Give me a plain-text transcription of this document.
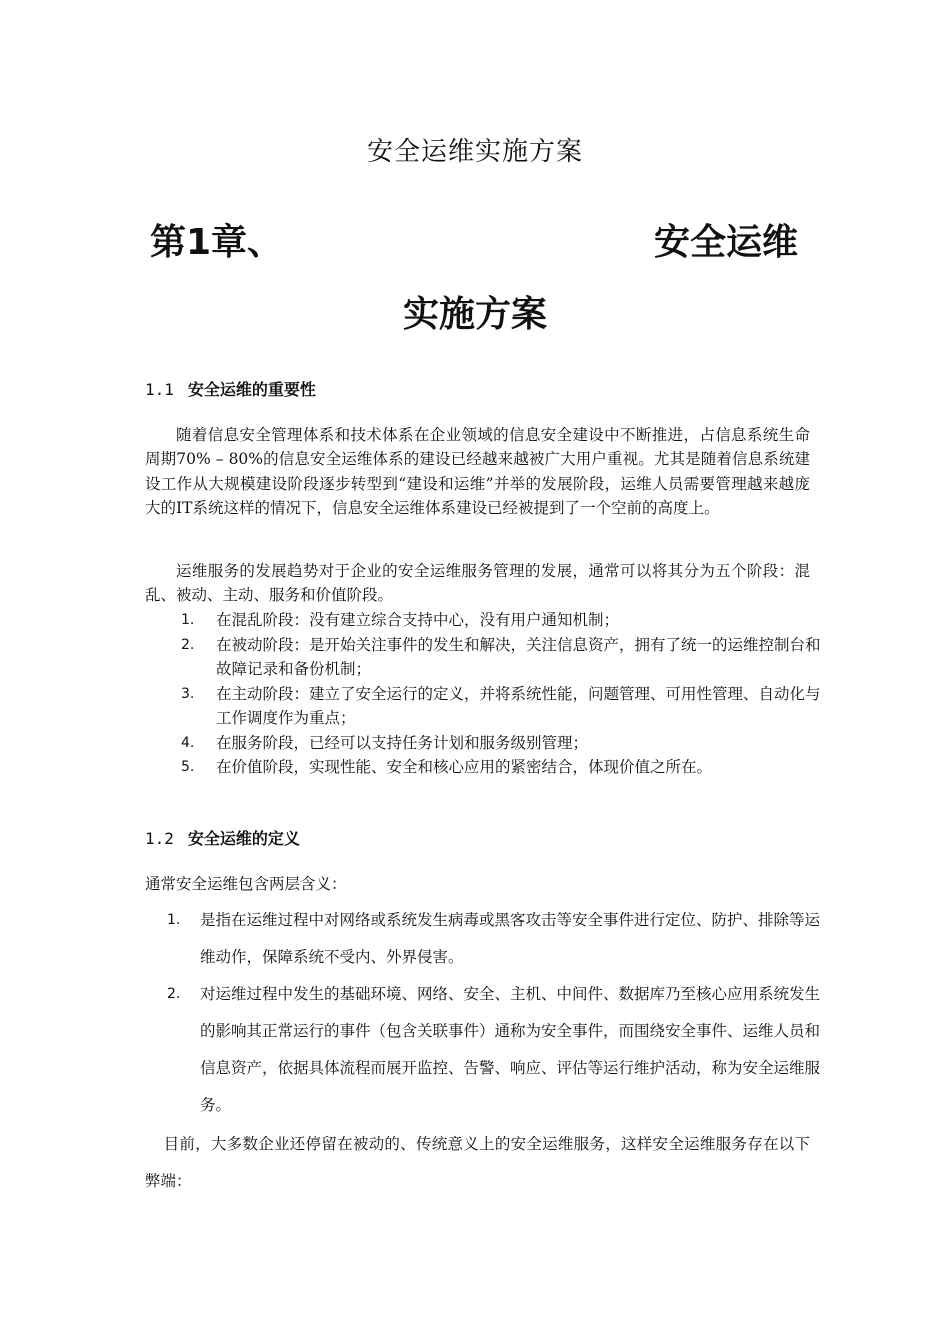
安全运维实施方案
第1章、	安全运维
实施方案
1.1 安全运维的重要性
随着信息安全管理体系和技术体系在企业领域的信息安全建设中不断推进，占信息系统生命周期70% – 80%的信息安全运维体系的建设已经越来越被广大用户重视。尤其是随着信息系统建设工作从大规模建设阶段逐步转型到“建设和运维”并举的发展阶段，运维人员需要管理越来越庞大的IT系统这样的情况下，信息安全运维体系建设已经被提到了一个空前的高度上。
运维服务的发展趋势对于企业的安全运维服务管理的发展，通常可以将其分为五个阶段：混乱、被动、主动、服务和价值阶段。
1. 在混乱阶段：没有建立综合支持中心，没有用户通知机制；
2. 在被动阶段：是开始关注事件的发生和解决，关注信息资产，拥有了统一的运维控制台和故障记录和备份机制；
3. 在主动阶段：建立了安全运行的定义，并将系统性能，问题管理、可用性管理、自动化与工作调度作为重点；
4. 在服务阶段，已经可以支持任务计划和服务级别管理；
5. 在价值阶段，实现性能、安全和核心应用的紧密结合，体现价值之所在。
1.2 安全运维的定义
通常安全运维包含两层含义：
1. 是指在运维过程中对网络或系统发生病毒或黑客攻击等安全事件进行定位、防护、排除等运维动作，保障系统不受内、外界侵害。
2. 对运维过程中发生的基础环境、网络、安全、主机、中间件、数据库乃至核心应用系统发生的影响其正常运行的事件（包含关联事件）通称为安全事件，而围绕安全事件、运维人员和信息资产，依据具体流程而展开监控、告警、响应、评估等运行维护活动，称为安全运维服务。
目前，大多数企业还停留在被动的、传统意义上的安全运维服务，这样安全运维服务存在以下弊端：
